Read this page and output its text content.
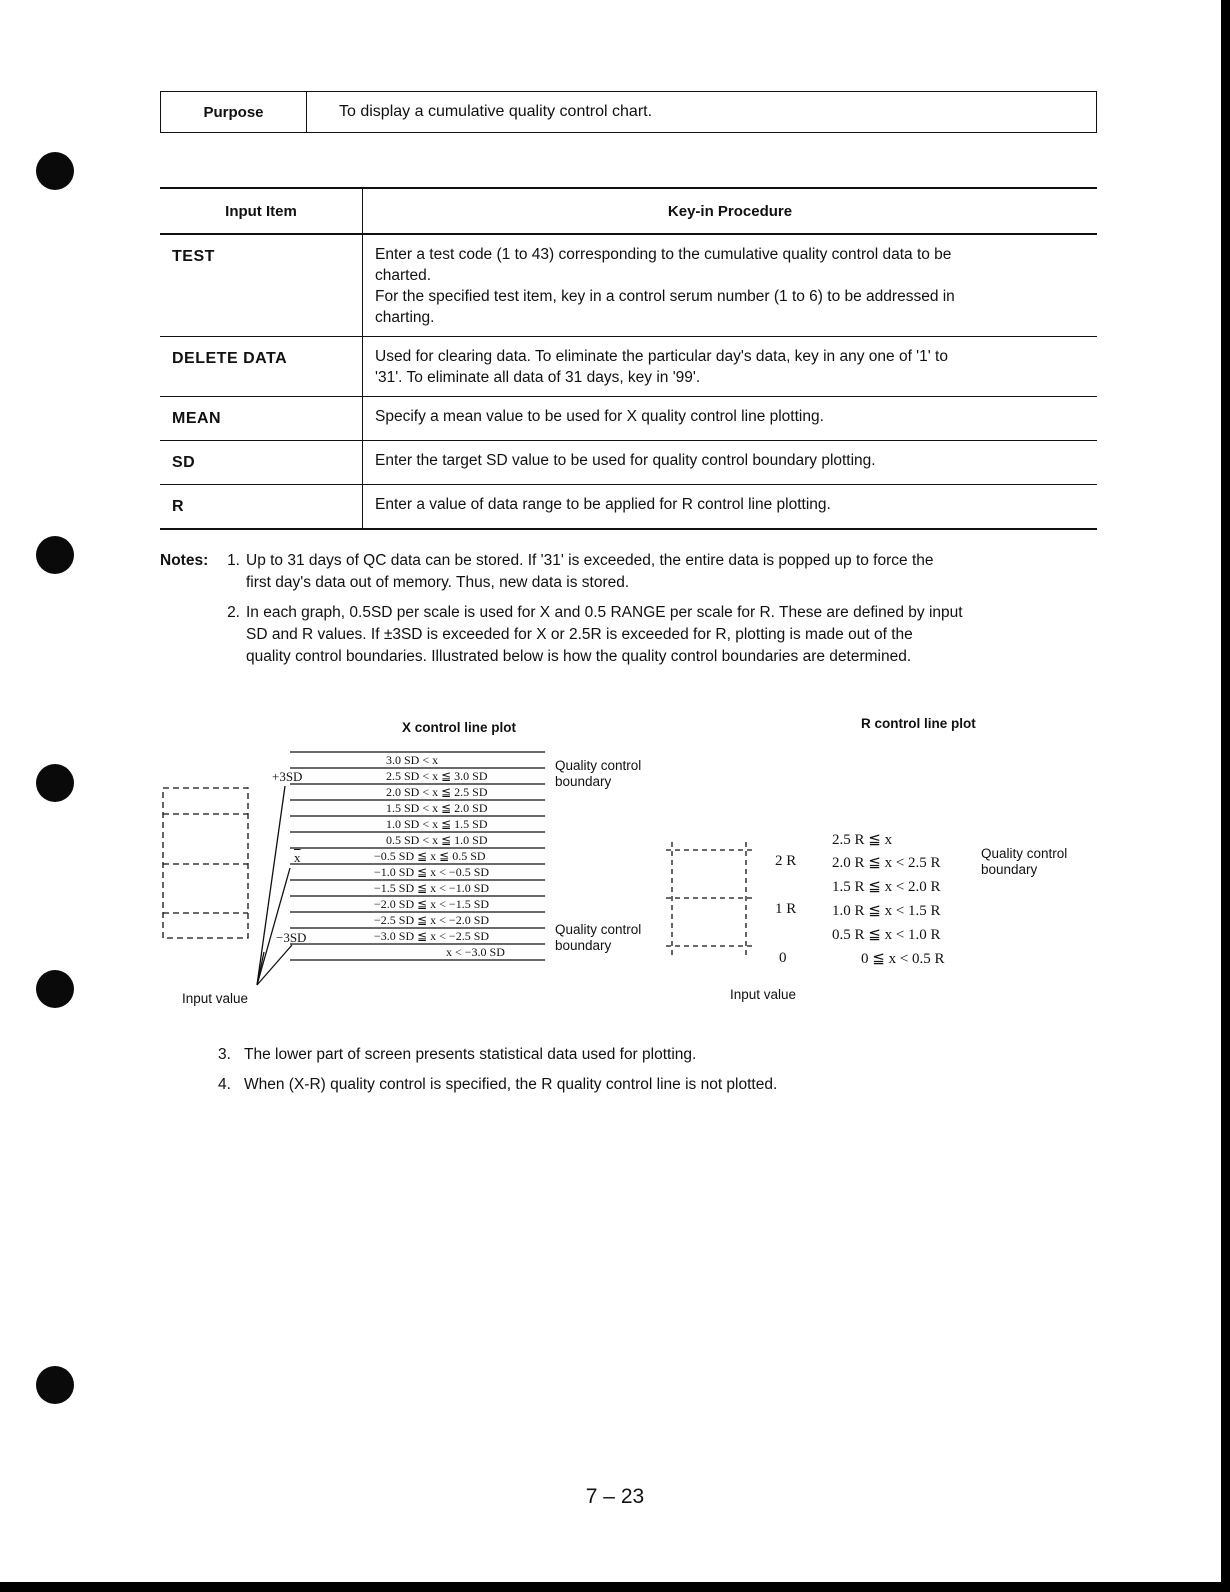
Purpose	To display a cumulative quality control chart.
Input Item	Key-in Procedure
TEST	Enter a test code (1 to 43) corresponding to the cumulative quality control data to be
charted.
For the specified test item, key in a control serum number (1 to 6) to be addressed in
charting.

DELETE DATA	Used for clearing data. To eliminate the particular day's data, key in any one of '1' to
'31'. To eliminate all data of 31 days, key in '99'.

MEAN	Specify a mean value to be used for X quality control line plotting.

SD	Enter the target SD value to be used for quality control boundary plotting.

R	Enter a value of data range to be applied for R control line plotting.
Notes:	1. Up to 31 days of QC data can be stored. If '31' is exceeded, the entire data is popped up to force the
first day's data out of memory. Thus, new data is stored.
2. In each graph, 0.5SD per scale is used for X and 0.5 RANGE per scale for R. These are defined by input
SD and R values. If ±3SD is exceeded for X or 2.5R is exceeded for R, plotting is made out of the
quality control boundaries. Illustrated below is how the quality control boundaries are determined.
X control line plot	R control line plot
3.0 SD < x
2.5 SD < x ≦ 3.0 SD
2.0 SD < x ≦ 2.5 SD
1.5 SD < x ≦ 2.0 SD
1.0 SD < x ≦ 1.5 SD
0.5 SD < x ≦ 1.0 SD
−0.5 SD ≦ x ≦ 0.5 SD
−1.0 SD ≦ x < −0.5 SD
−1.5 SD ≦ x < −1.0 SD
−2.0 SD ≦ x < −1.5 SD
−2.5 SD ≦ x < −2.0 SD
−3.0 SD ≦ x < −2.5 SD
x < −3.0 SD
+3SD
$\overline{x}$
−3SD
Quality control
boundary
Quality control
boundary
Input value
2 R
1 R
0
2.5 R ≦ x
2.0 R ≦ x < 2.5 R
1.5 R ≦ x < 2.0 R
1.0 R ≦ x < 1.5 R
0.5 R ≦ x < 1.0 R
0 ≦ x < 0.5 R
Quality control
boundary
Input value
3. The lower part of screen presents statistical data used for plotting.
4. When (X-R) quality control is specified, the R quality control line is not plotted.
7 – 23
